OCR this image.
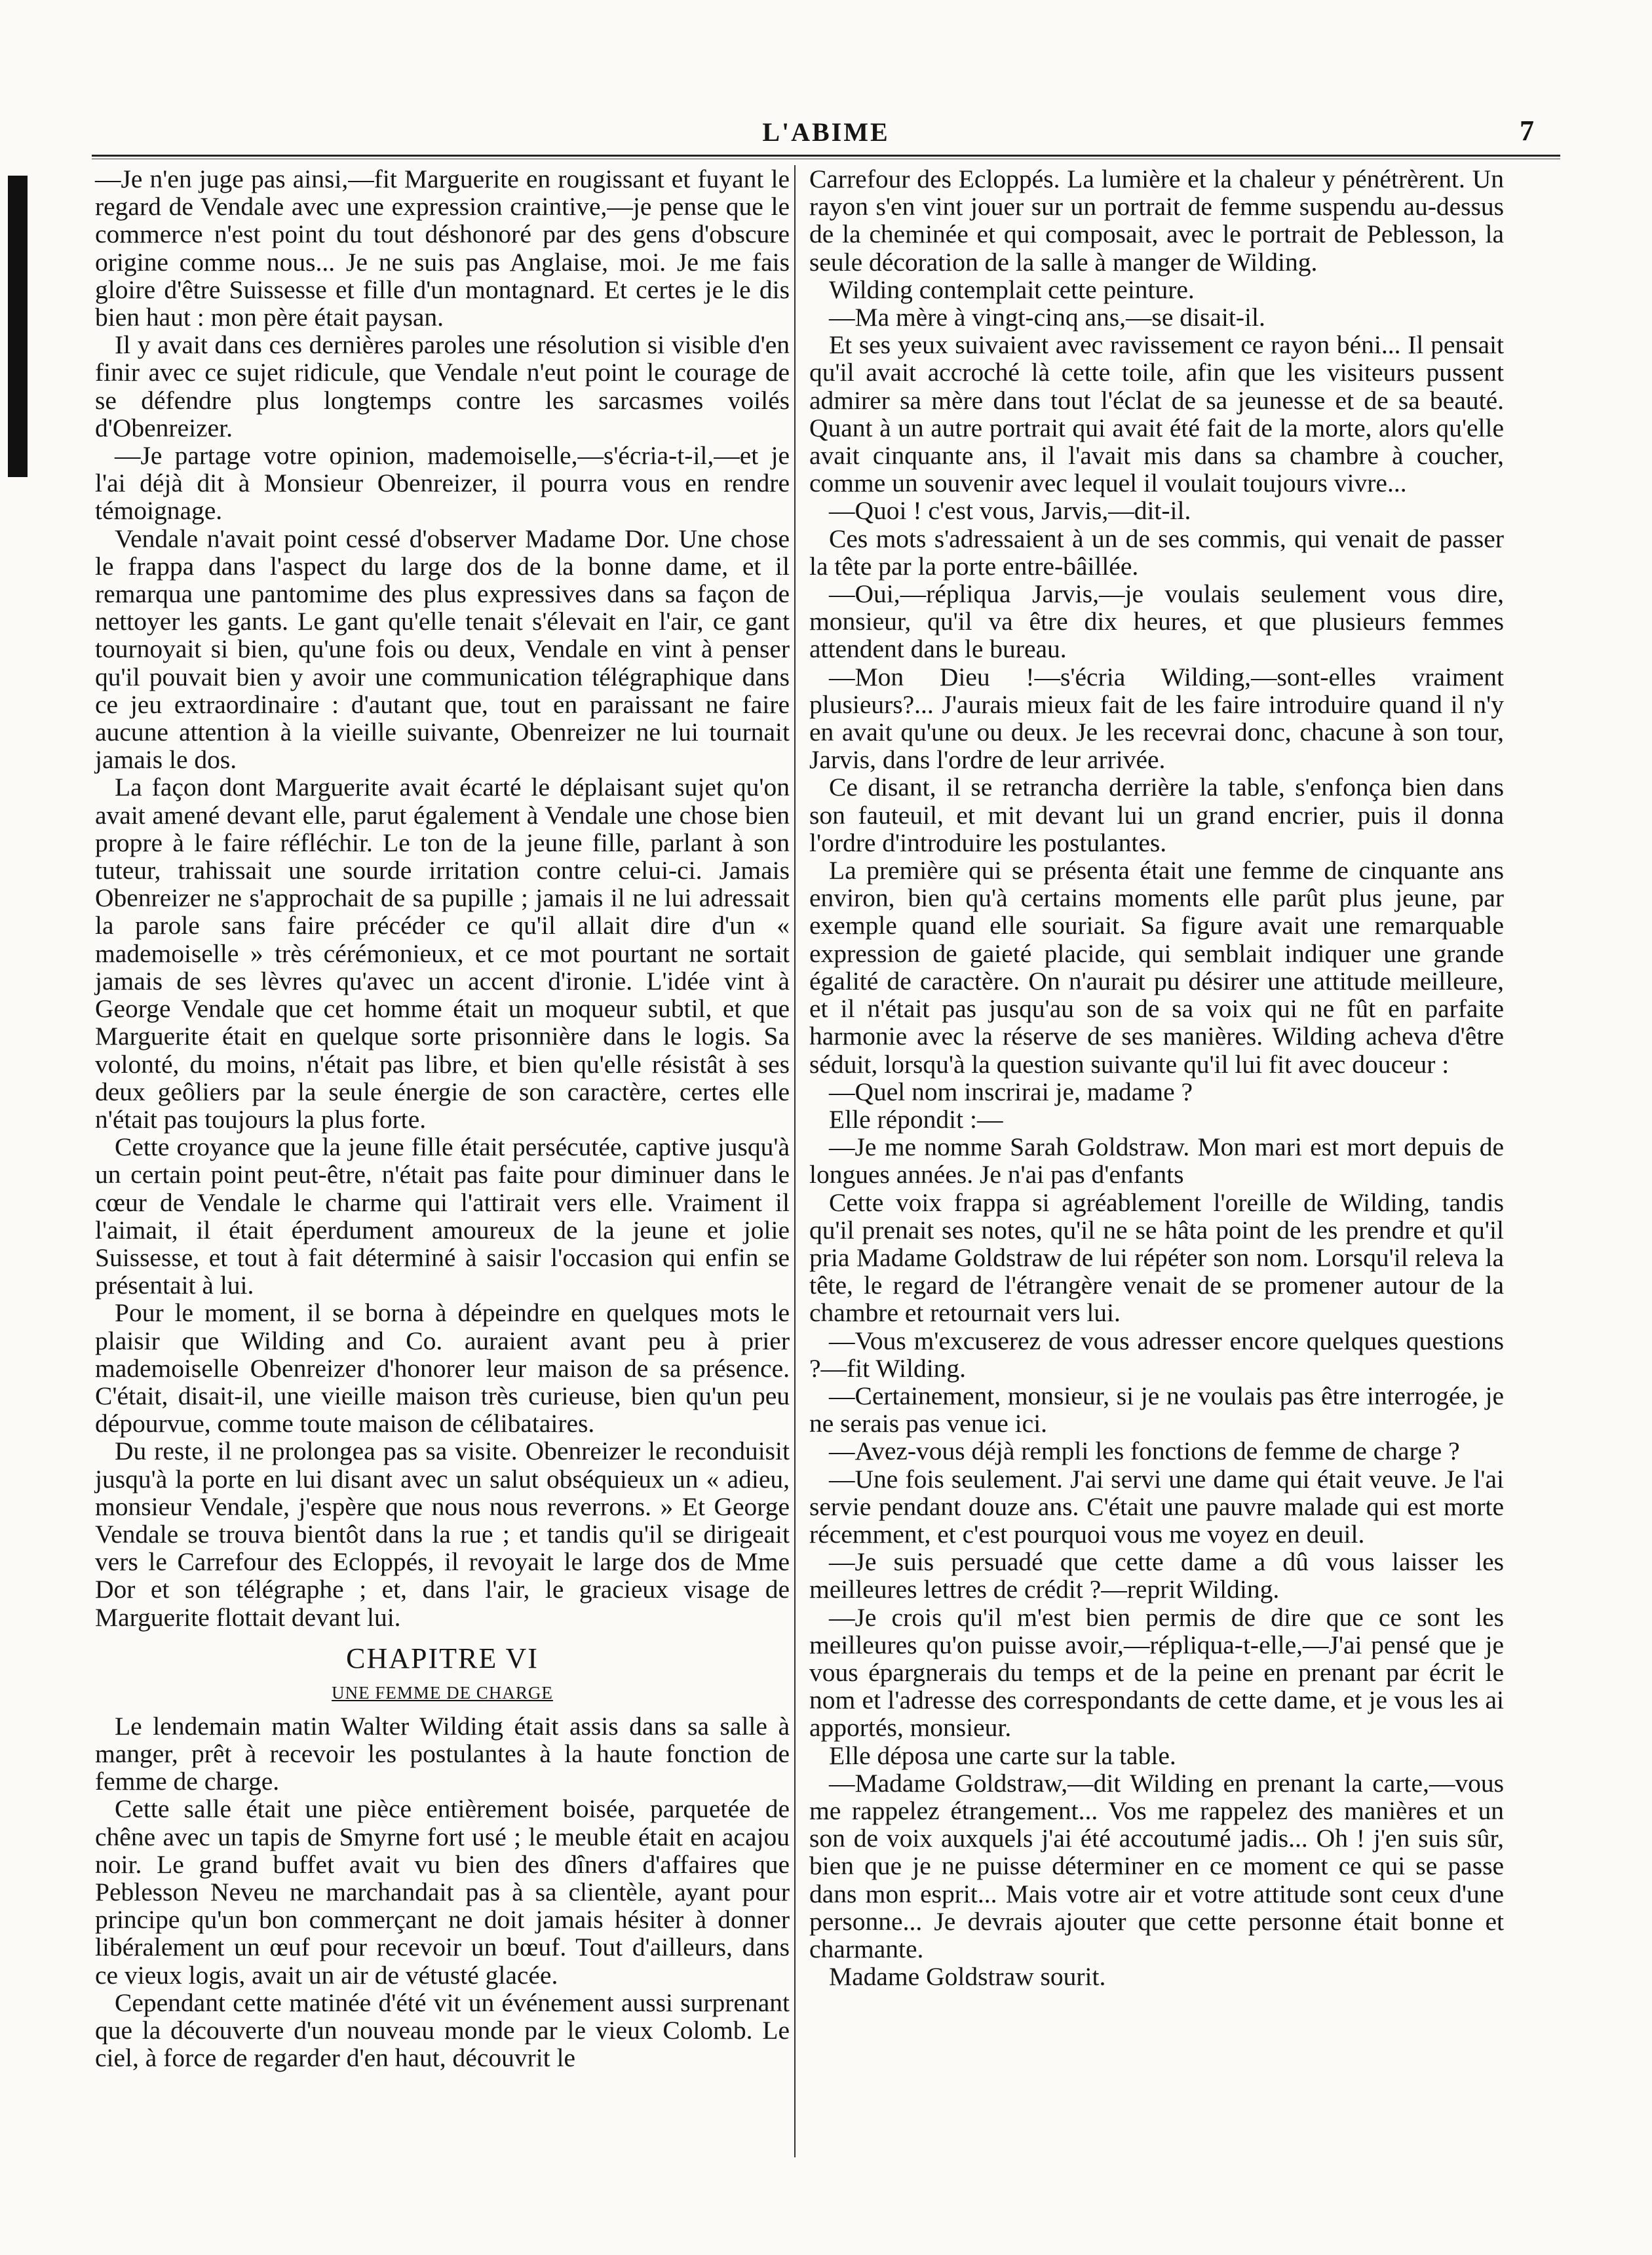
L'ABIME	7

—Je n'en juge pas ainsi,—fit Marguerite en rougissant et fuyant le regard de Vendale avec une expression craintive,—je pense que le commerce n'est point du tout déshonoré par des gens d'obscure origine comme nous... Je ne suis pas Anglaise, moi. Je me fais gloire d'être Suissesse et fille d'un montagnard. Et certes je le dis bien haut : mon père était paysan.

Il y avait dans ces dernières paroles une résolution si visible d'en finir avec ce sujet ridicule, que Vendale n'eut point le courage de se défendre plus longtemps contre les sarcasmes voilés d'Obenreizer.

—Je partage votre opinion, mademoiselle,—s'écria-t-il,—et je l'ai déjà dit à Monsieur Obenreizer, il pourra vous en rendre témoignage.

Vendale n'avait point cessé d'observer Madame Dor. Une chose le frappa dans l'aspect du large dos de la bonne dame, et il remarqua une pantomime des plus expressives dans sa façon de nettoyer les gants. Le gant qu'elle tenait s'élevait en l'air, ce gant tournoyait si bien, qu'une fois ou deux, Vendale en vint à penser qu'il pouvait bien y avoir une communication télégraphique dans ce jeu extraordinaire : d'autant que, tout en paraissant ne faire aucune attention à la vieille suivante, Obenreizer ne lui tournait jamais le dos.

La façon dont Marguerite avait écarté le déplaisant sujet qu'on avait amené devant elle, parut également à Vendale une chose bien propre à le faire réfléchir. Le ton de la jeune fille, parlant à son tuteur, trahissait une sourde irritation contre celui-ci. Jamais Obenreizer ne s'approchait de sa pupille ; jamais il ne lui adressait la parole sans faire précéder ce qu'il allait dire d'un « mademoiselle » très cérémonieux, et ce mot pourtant ne sortait jamais de ses lèvres qu'avec un accent d'ironie. L'idée vint à George Vendale que cet homme était un moqueur subtil, et que Marguerite était en quelque sorte prisonnière dans le logis. Sa volonté, du moins, n'était pas libre, et bien qu'elle résistât à ses deux geôliers par la seule énergie de son caractère, certes elle n'était pas toujours la plus forte.

Cette croyance que la jeune fille était persécutée, captive jusqu'à un certain point peut-être, n'était pas faite pour diminuer dans le cœur de Vendale le charme qui l'attirait vers elle. Vraiment il l'aimait, il était éperdument amoureux de la jeune et jolie Suissesse, et tout à fait déterminé à saisir l'occasion qui enfin se présentait à lui.

Pour le moment, il se borna à dépeindre en quelques mots le plaisir que Wilding and Co. auraient avant peu à prier mademoiselle Obenreizer d'honorer leur maison de sa présence. C'était, disait-il, une vieille maison très curieuse, bien qu'un peu dépourvue, comme toute maison de célibataires.

Du reste, il ne prolongea pas sa visite. Obenreizer le reconduisit jusqu'à la porte en lui disant avec un salut obséquieux un « adieu, monsieur Vendale, j'espère que nous nous reverrons. » Et George Vendale se trouva bientôt dans la rue ; et tandis qu'il se dirigeait vers le Carrefour des Ecloppés, il revoyait le large dos de Mme Dor et son télégraphe ; et, dans l'air, le gracieux visage de Marguerite flottait devant lui.

CHAPITRE VI
UNE FEMME DE CHARGE

Le lendemain matin Walter Wilding était assis dans sa salle à manger, prêt à recevoir les postulantes à la haute fonction de femme de charge.

Cette salle était une pièce entièrement boisée, parquetée de chêne avec un tapis de Smyrne fort usé ; le meuble était en acajou noir. Le grand buffet avait vu bien des dîners d'affaires que Peblesson Neveu ne marchandait pas à sa clientèle, ayant pour principe qu'un bon commerçant ne doit jamais hésiter à donner libéralement un œuf pour recevoir un bœuf. Tout d'ailleurs, dans ce vieux logis, avait un air de vétusté glacée.

Cependant cette matinée d'été vit un événement aussi surprenant que la découverte d'un nouveau monde par le vieux Colomb. Le ciel, à force de regarder d'en haut, découvrit le

Carrefour des Ecloppés. La lumière et la chaleur y pénétrèrent. Un rayon s'en vint jouer sur un portrait de femme suspendu au-dessus de la cheminée et qui composait, avec le portrait de Peblesson, la seule décoration de la salle à manger de Wilding.

Wilding contemplait cette peinture.

—Ma mère à vingt-cinq ans,—se disait-il.

Et ses yeux suivaient avec ravissement ce rayon béni... Il pensait qu'il avait accroché là cette toile, afin que les visiteurs pussent admirer sa mère dans tout l'éclat de sa jeunesse et de sa beauté. Quant à un autre portrait qui avait été fait de la morte, alors qu'elle avait cinquante ans, il l'avait mis dans sa chambre à coucher, comme un souvenir avec lequel il voulait toujours vivre...

—Quoi ! c'est vous, Jarvis,—dit-il.

Ces mots s'adressaient à un de ses commis, qui venait de passer la tête par la porte entre-bâillée.

—Oui,—répliqua Jarvis,—je voulais seulement vous dire, monsieur, qu'il va être dix heures, et que plusieurs femmes attendent dans le bureau.

—Mon Dieu !—s'écria Wilding,—sont-elles vraiment plusieurs?... J'aurais mieux fait de les faire introduire quand il n'y en avait qu'une ou deux. Je les recevrai donc, chacune à son tour, Jarvis, dans l'ordre de leur arrivée.

Ce disant, il se retrancha derrière la table, s'enfonça bien dans son fauteuil, et mit devant lui un grand encrier, puis il donna l'ordre d'introduire les postulantes.

La première qui se présenta était une femme de cinquante ans environ, bien qu'à certains moments elle parût plus jeune, par exemple quand elle souriait. Sa figure avait une remarquable expression de gaieté placide, qui semblait indiquer une grande égalité de caractère. On n'aurait pu désirer une attitude meilleure, et il n'était pas jusqu'au son de sa voix qui ne fût en parfaite harmonie avec la réserve de ses manières. Wilding acheva d'être séduit, lorsqu'à la question suivante qu'il lui fit avec douceur :

—Quel nom inscrirai je, madame ?

Elle répondit :—

—Je me nomme Sarah Goldstraw. Mon mari est mort depuis de longues années. Je n'ai pas d'enfants

Cette voix frappa si agréablement l'oreille de Wilding, tandis qu'il prenait ses notes, qu'il ne se hâta point de les prendre et qu'il pria Madame Goldstraw de lui répéter son nom. Lorsqu'il releva la tête, le regard de l'étrangère venait de se promener autour de la chambre et retournait vers lui.

—Vous m'excuserez de vous adresser encore quelques questions ?—fit Wilding.

—Certainement, monsieur, si je ne voulais pas être interrogée, je ne serais pas venue ici.

—Avez-vous déjà rempli les fonctions de femme de charge ?

—Une fois seulement. J'ai servi une dame qui était veuve. Je l'ai servie pendant douze ans. C'était une pauvre malade qui est morte récemment, et c'est pourquoi vous me voyez en deuil.

—Je suis persuadé que cette dame a dû vous laisser les meilleures lettres de crédit ?—reprit Wilding.

—Je crois qu'il m'est bien permis de dire que ce sont les meilleures qu'on puisse avoir,—répliqua-t-elle,—J'ai pensé que je vous épargnerais du temps et de la peine en prenant par écrit le nom et l'adresse des correspondants de cette dame, et je vous les ai apportés, monsieur.

Elle déposa une carte sur la table.

—Madame Goldstraw,—dit Wilding en prenant la carte,—vous me rappelez étrangement... Vos me rappelez des manières et un son de voix auxquels j'ai été accoutumé jadis... Oh ! j'en suis sûr, bien que je ne puisse déterminer en ce moment ce qui se passe dans mon esprit... Mais votre air et votre attitude sont ceux d'une personne... Je devrais ajouter que cette personne était bonne et charmante.

Madame Goldstraw sourit.
